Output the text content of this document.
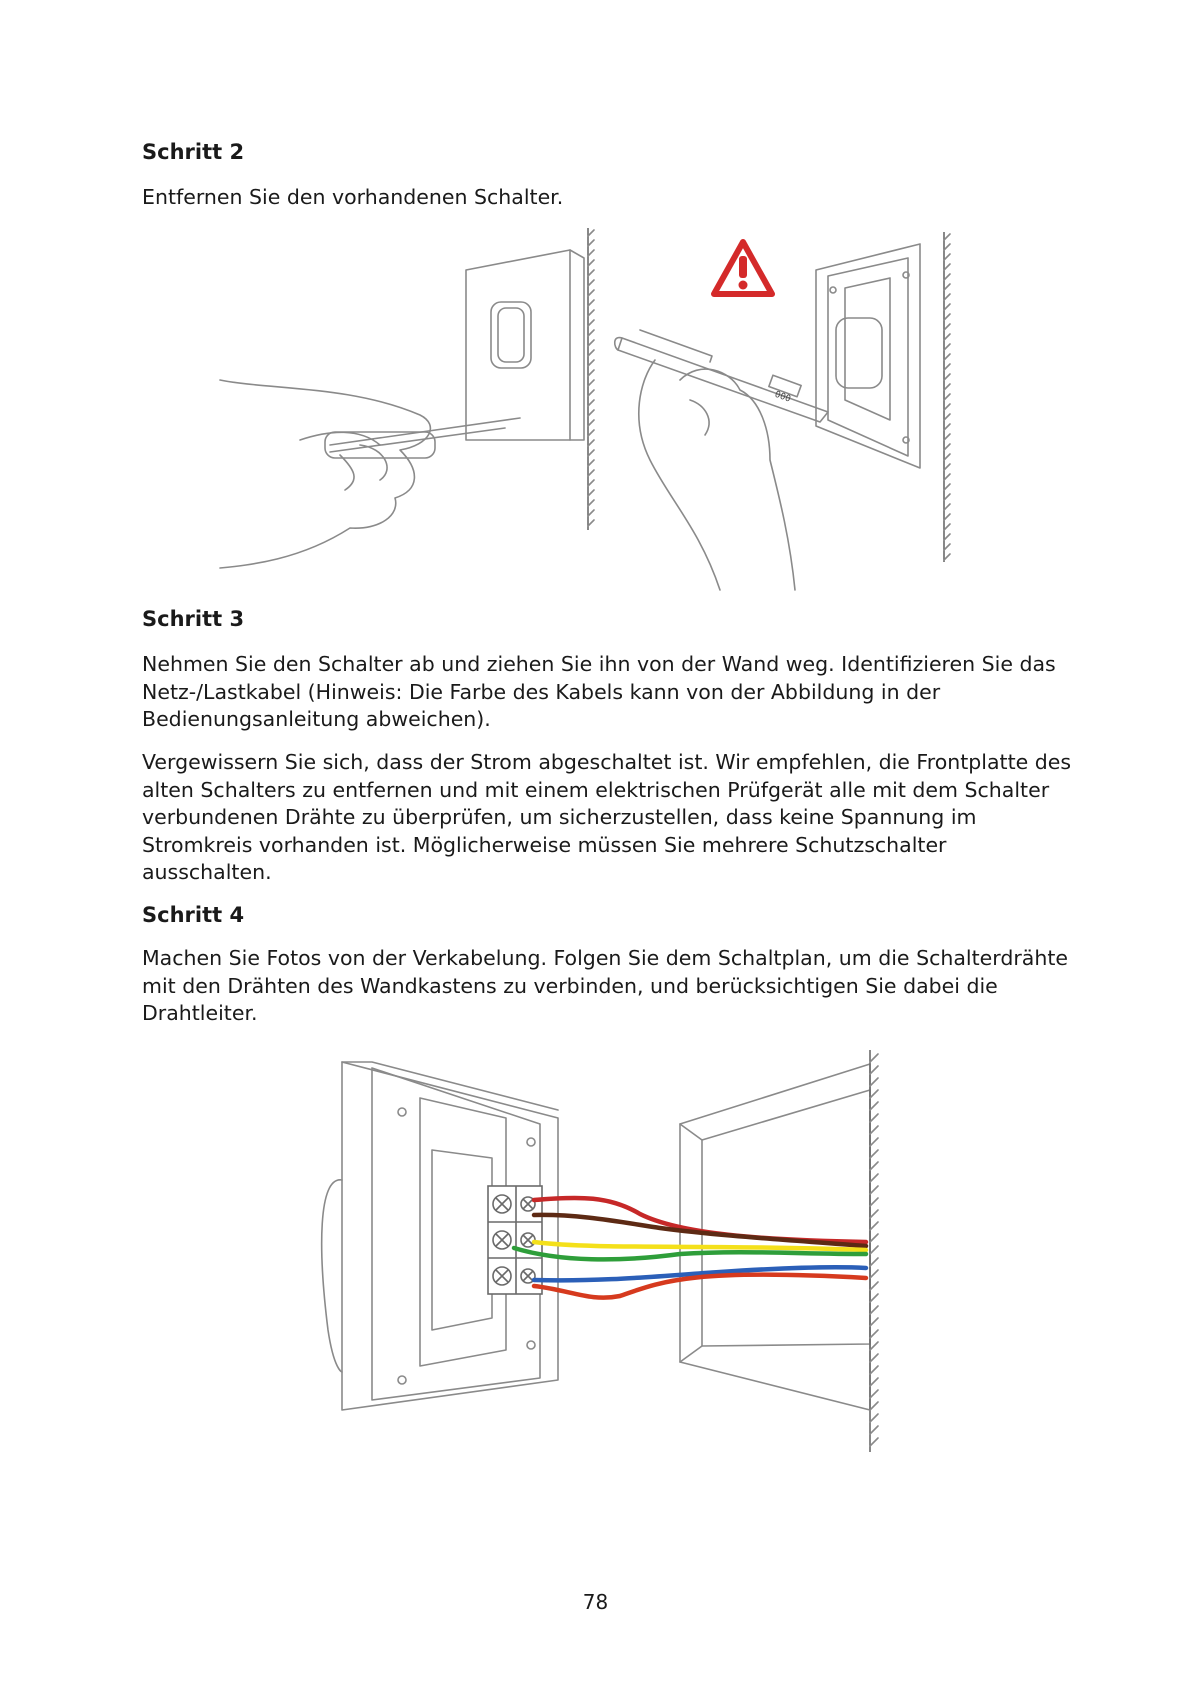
Schritt 2

Entfernen Sie den vorhandenen Schalter.

000
Schritt 3

Nehmen Sie den Schalter ab und ziehen Sie ihn von der Wand weg. Identifizieren Sie das Netz-/Lastkabel (Hinweis: Die Farbe des Kabels kann von der Abbildung in der Bedienungsanleitung abweichen).

Vergewissern Sie sich, dass der Strom abgeschaltet ist. Wir empfehlen, die Frontplatte des alten Schalters zu entfernen und mit einem elektrischen Prüfgerät alle mit dem Schalter verbundenen Drähte zu überprüfen, um sicherzustellen, dass keine Spannung im Stromkreis vorhanden ist. Möglicherweise müssen Sie mehrere Schutzschalter ausschalten.

Schritt 4

Machen Sie Fotos von der Verkabelung. Folgen Sie dem Schaltplan, um die Schalterdrähte mit den Drähten des Wandkastens zu verbinden, und berücksichtigen Sie dabei die Drahtleiter.

78
